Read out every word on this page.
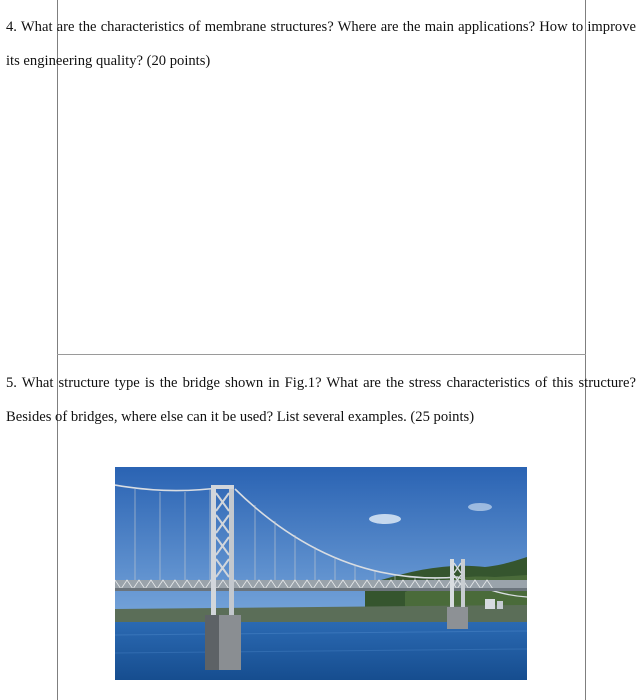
4. What are the characteristics of membrane structures? Where are the main applications? How to improve its engineering quality? (20 points)

5. What structure type is the bridge shown in Fig.1? What are the stress characteristics of this structure? Besides of bridges, where else can it be used? List several examples. (25 points)
